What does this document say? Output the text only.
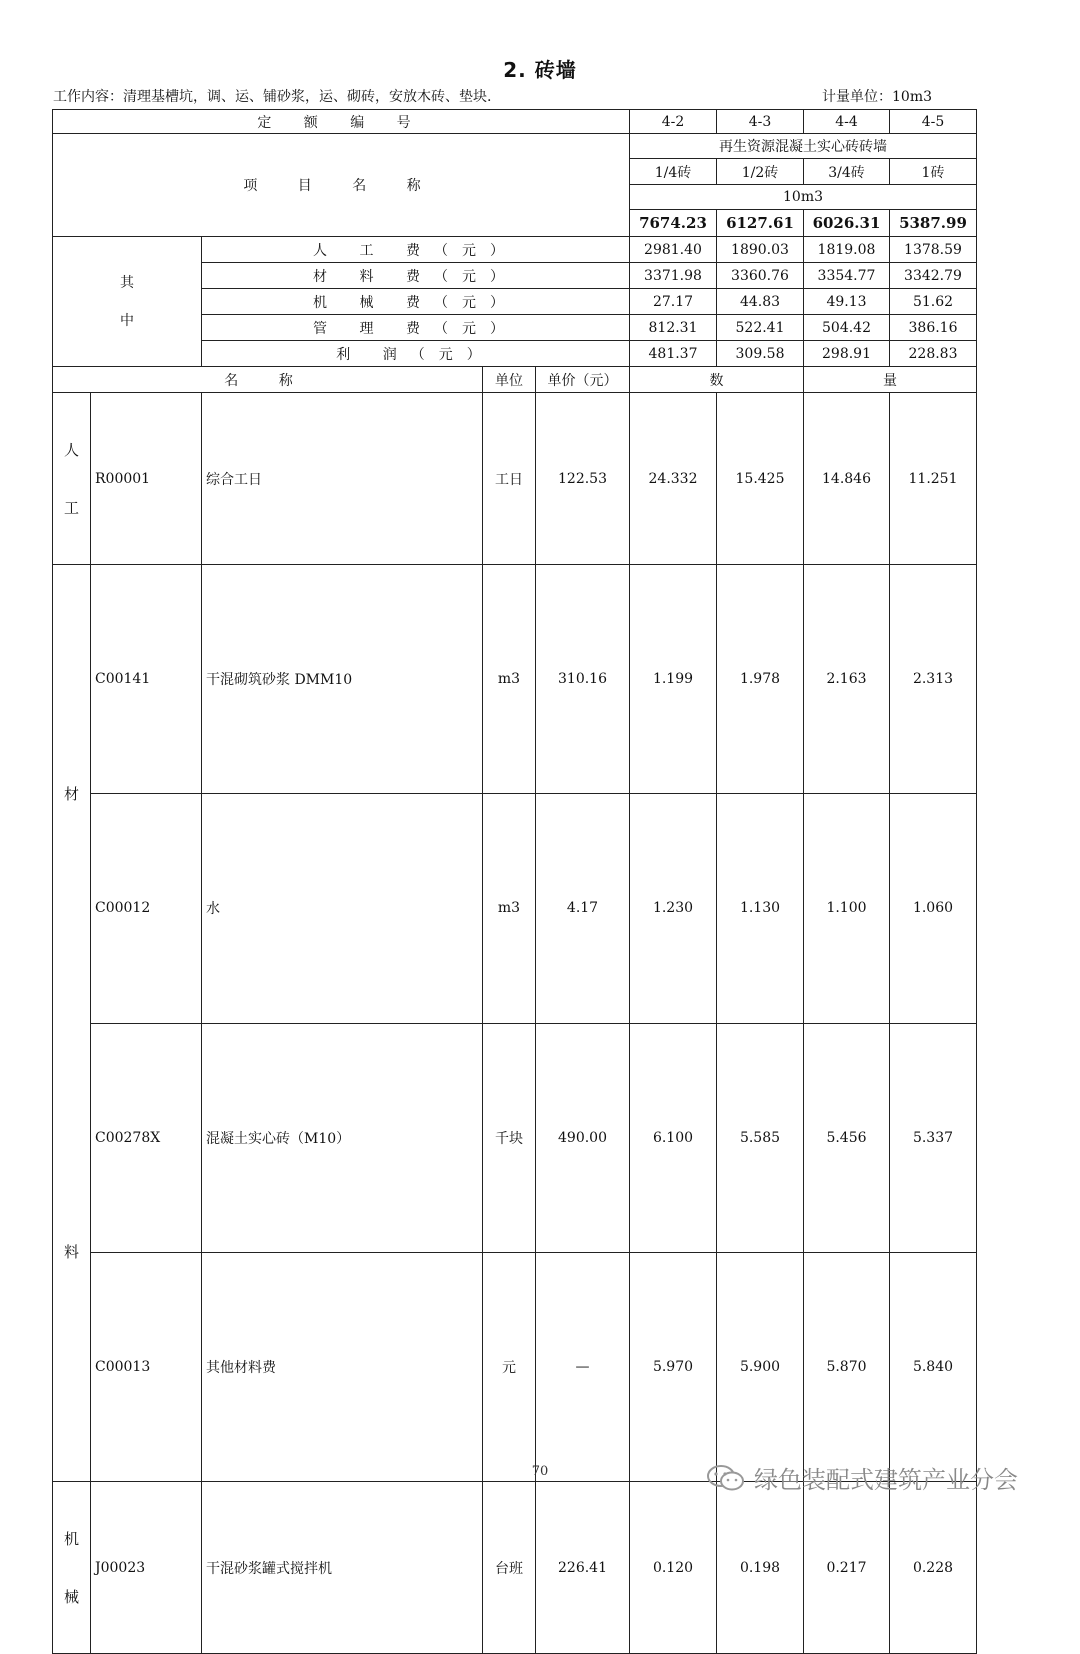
2. 砖墙
工作内容：清理基槽坑，调、运、铺砂浆，运、砌砖，安放木砖、垫块.	计量单位：10m3
定 额 编 号					4-2	4-3	4-4	4-5
项 目 名 称					再生资源混凝土实心砖砖墙			
					1/4砖	1/2砖	3/4砖	1砖
					10m3			
					7674.23	6127.61	6026.31	5387.99
其
中		人 工 费（元）			2981.40	1890.03	1819.08	1378.59
		材 料 费（元）			3371.98	3360.76	3354.77	3342.79
		机 械 费（元）			27.17	44.83	49.13	51.62
		管 理 费（元）			812.31	522.41	504.42	386.16
		利 润（元）			481.37	309.58	298.91	228.83
名 称			单位	单价（元）	数		量	
人
工	R00001	综合工日	工日	122.53	24.332	15.425	14.846	11.251
材
料	C00141	干混砌筑砂浆 DMM10	m3	310.16	1.199	1.978	2.163	2.313
	C00012	水	m3	4.17	1.230	1.130	1.100	1.060
	C00278X	混凝土实心砖（M10）	千块	490.00	6.100	5.585	5.456	5.337
	C00013	其他材料费	元	—	5.970	5.900	5.870	5.840
机
械	J00023	干混砂浆罐式搅拌机	台班	226.41	0.120	0.198	0.217	0.228
70	绿色装配式建筑产业分会
